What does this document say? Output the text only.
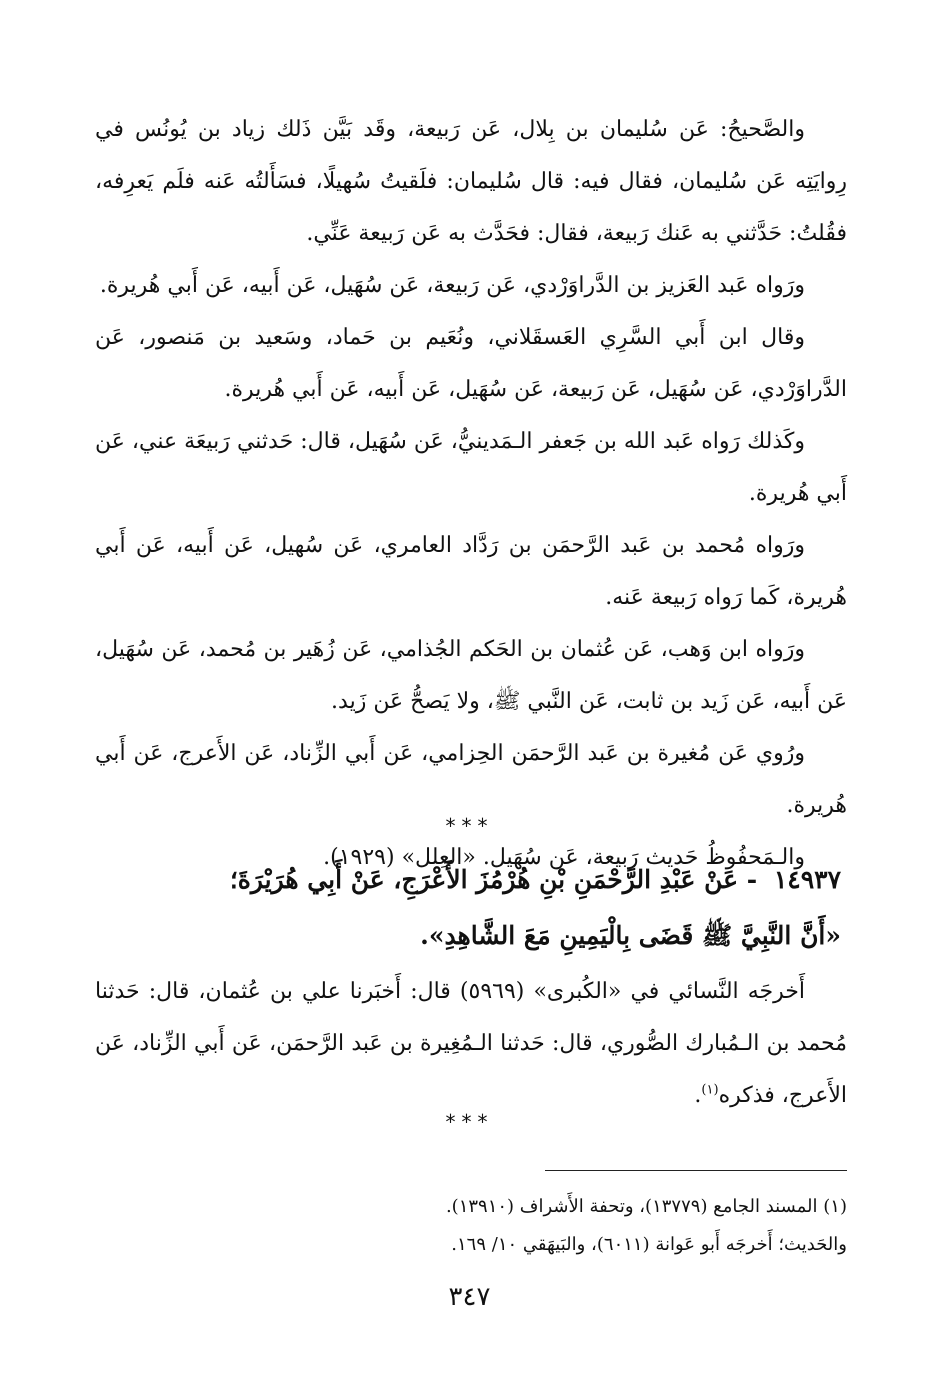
والصَّحيحُ: عَن سُليمان بن بِلال، عَن رَبيعة، وقَد بَيَّن ذَلك زياد بن يُونُس في رِوايَتِه عَن سُليمان، فقال فيه: قال سُليمان: فلَقيتُ سُهيلًا، فسَأَلتُه عَنه فلَم يَعرِفه، فقُلتُ: حَدَّثني به عَنك رَبيعة، فقال: فحَدَّث به عَن رَبيعة عَنِّي.

ورَواه عَبد العَزيز بن الدَّراوَرْدي، عَن رَبيعة، عَن سُهَيل، عَن أَبيه، عَن أَبي هُريرة.

وقال ابن أَبي السَّرِي العَسقَلاني، ونُعَيم بن حَماد، وسَعيد بن مَنصور، عَن الدَّراوَرْدي، عَن سُهَيل، عَن رَبيعة، عَن سُهَيل، عَن أَبيه، عَن أَبي هُريرة.

وكَذلك رَواه عَبد الله بن جَعفر الـمَدينيُّ، عَن سُهَيل، قال: حَدثني رَبيعَة عني، عَن أَبي هُريرة.

ورَواه مُحمد بن عَبد الرَّحمَن بن رَدَّاد العامري، عَن سُهيل، عَن أَبيه، عَن أَبي هُريرة، كَما رَواه رَبيعة عَنه.

ورَواه ابن وَهب، عَن عُثمان بن الحَكم الجُذامي، عَن زُهَير بن مُحمد، عَن سُهَيل، عَن أَبيه، عَن زَيد بن ثابت، عَن النَّبي ﷺ، ولا يَصحُّ عَن زَيد.

ورُوي عَن مُغيرة بن عَبد الرَّحمَن الحِزامي، عَن أَبي الزِّناد، عَن الأَعرج، عَن أَبي هُريرة.

والـمَحفُوظُ حَديث رَبيعة، عَن سُهَيل. «العِلل» (١٩٢٩).

***
١٤٩٣٧ - عَنْ عَبْدِ الرَّحْمَنِ بْنِ هُرْمُزَ الأَعْرَجِ، عَنْ أَبِي هُرَيْرَةَ؛
«أَنَّ النَّبِيَّ ﷺ قَضَى بِالْيَمِينِ مَعَ الشَّاهِدِ».

أَخرجَه النَّسائي في «الكُبرى» (٥٩٦٩) قال: أَخبَرنا علي بن عُثمان، قال: حَدثنا مُحمد بن الـمُبارك الصُّوري، قال: حَدثنا الـمُغِيرة بن عَبد الرَّحمَن، عَن أَبي الزِّناد، عَن الأَعرج، فذكره$^{(١)}$.

***

(١) المسند الجامع (١٣٧٧٩)، وتحفة الأَشراف (١٣٩١٠).

والحَديث؛ أَخرجَه أَبو عَوانة (٦٠١١)، والبَيهَقي ١٠/ ١٦٩.

٣٤٧
